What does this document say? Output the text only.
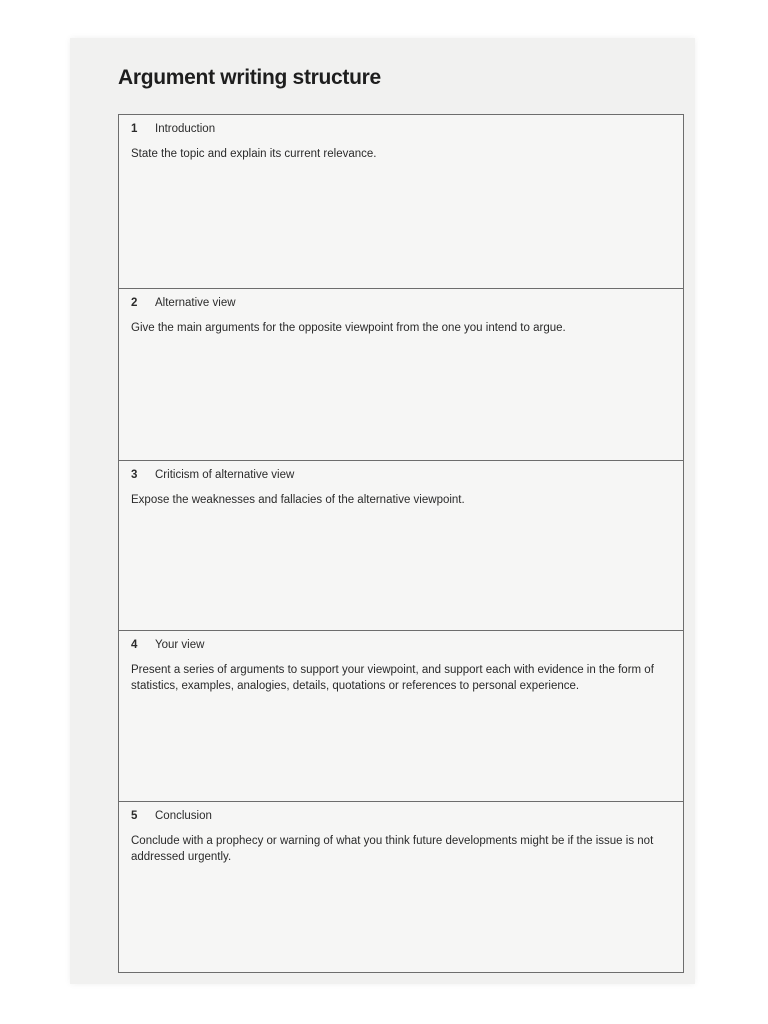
Argument writing structure
1	Introduction
State the topic and explain its current relevance.
2	Alternative view
Give the main arguments for the opposite viewpoint from the one you intend to argue.
3	Criticism of alternative view
Expose the weaknesses and fallacies of the alternative viewpoint.
4	Your view
Present a series of arguments to support your viewpoint, and support each with evidence in the form of statistics, examples, analogies, details, quotations or references to personal experience.
5	Conclusion
Conclude with a prophecy or warning of what you think future developments might be if the issue is not addressed urgently.
